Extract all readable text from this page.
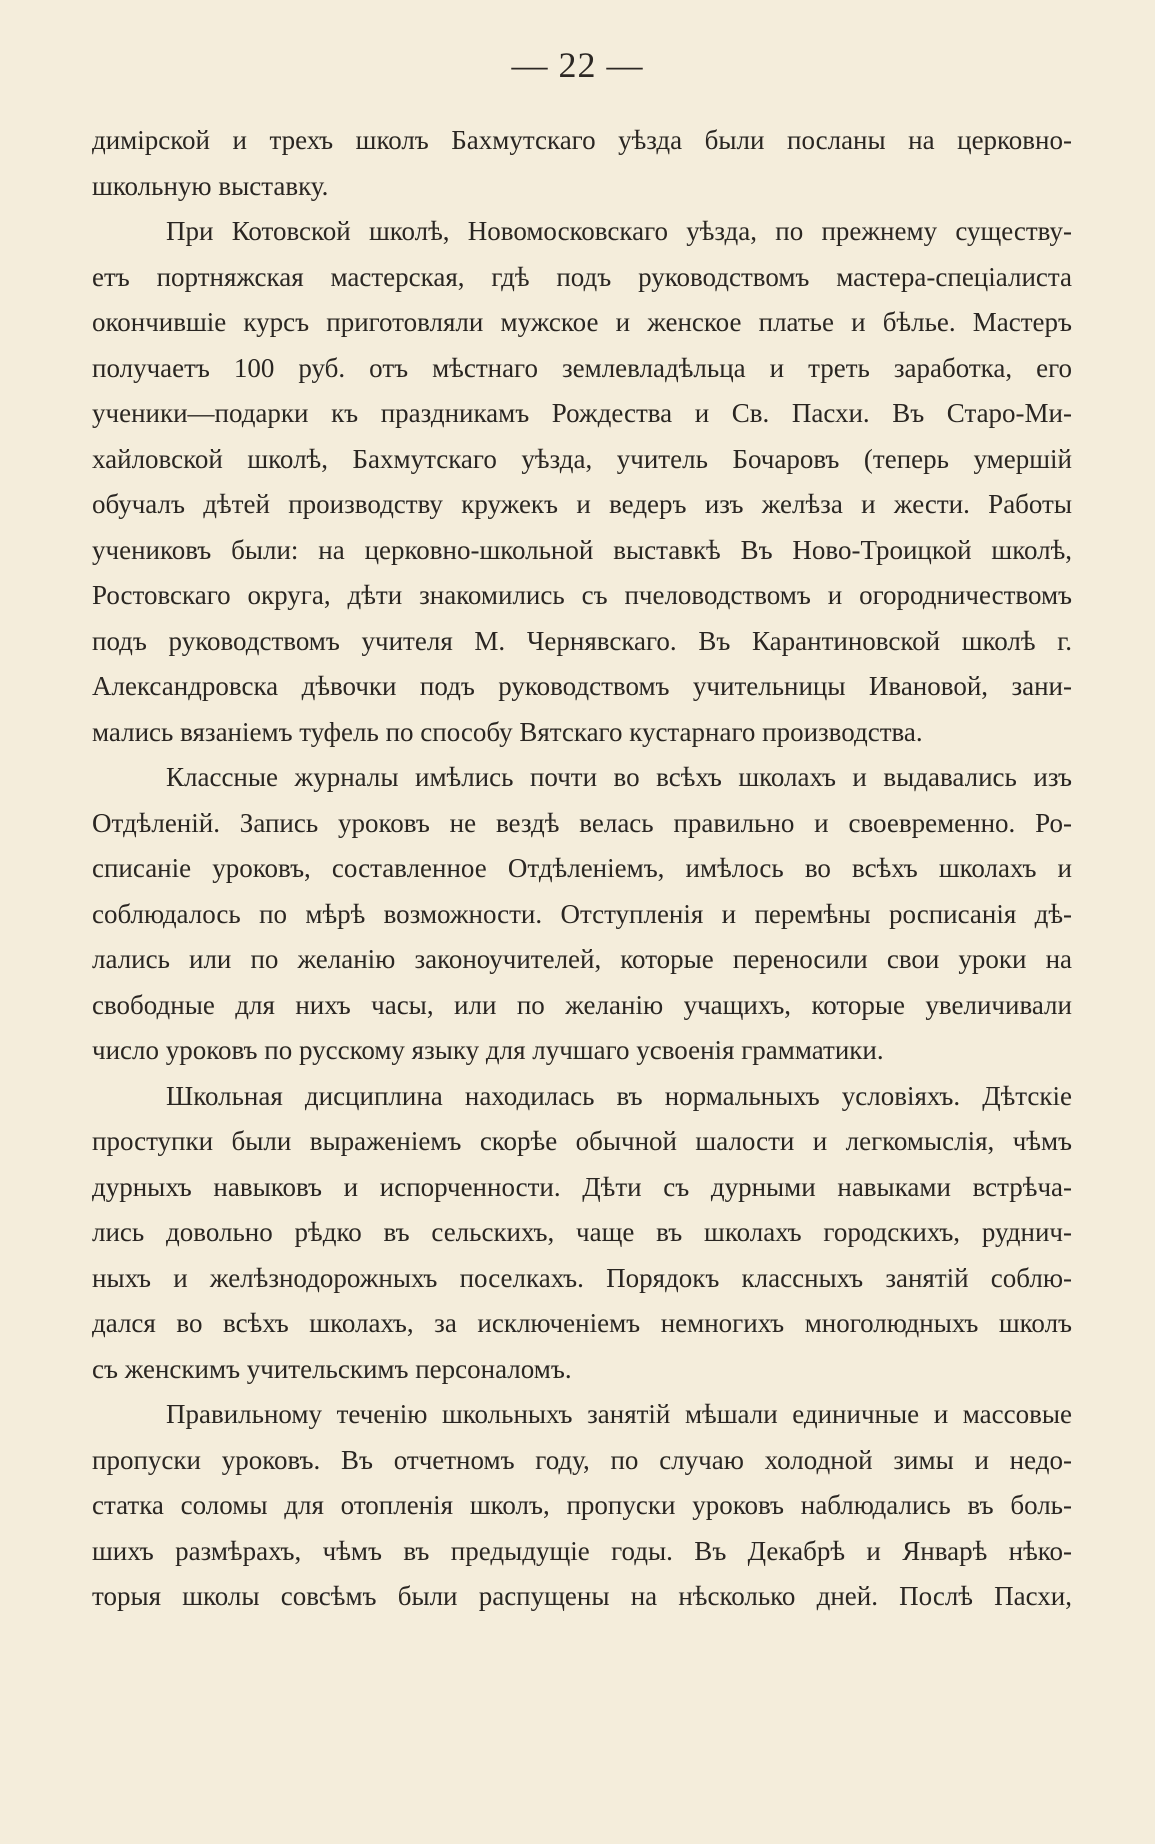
— 22 —
димірской и трехъ школъ Бахмутскаго уѣзда были посланы на церковно-
школьную выставку.
При Котовской школѣ, Новомосковскаго уѣзда, по прежнему существу-
етъ портняжская мастерская, гдѣ подъ руководствомъ мастера-спеціалиста
окончившіе курсъ приготовляли мужское и женское платье и бѣлье. Мастеръ
получаетъ 100 руб. отъ мѣстнаго землевладѣльца и треть заработка, его
ученики—подарки къ праздникамъ Рождества и Св. Пасхи. Въ Старо-Ми-
хайловской школѣ, Бахмутскаго уѣзда, учитель Бочаровъ (теперь умершій
обучалъ дѣтей производству кружекъ и ведеръ изъ желѣза и жести. Работы
учениковъ были: на церковно-школьной выставкѣ Въ Ново-Троицкой школѣ,
Ростовскаго округа, дѣти знакомились съ пчеловодствомъ и огородничествомъ
подъ руководствомъ учителя М. Чернявскаго. Въ Карантиновской школѣ г.
Александровска дѣвочки подъ руководствомъ учительницы Ивановой, зани-
мались вязаніемъ туфель по способу Вятскаго кустарнаго производства.
Классные журналы имѣлись почти во всѣхъ школахъ и выдавались изъ
Отдѣленій. Запись уроковъ не вездѣ велась правильно и своевременно. Ро-
списаніе уроковъ, составленное Отдѣленіемъ, имѣлось во всѣхъ школахъ и
соблюдалось по мѣрѣ возможности. Отступленія и перемѣны росписанія дѣ-
лались или по желанію законоучителей, которые переносили свои уроки на
свободные для нихъ часы, или по желанію учащихъ, которые увеличивали
число уроковъ по русскому языку для лучшаго усвоенія грамматики.
Школьная дисциплина находилась въ нормальныхъ условіяхъ. Дѣтскіе
проступки были выраженіемъ скорѣе обычной шалости и легкомыслія, чѣмъ
дурныхъ навыковъ и испорченности. Дѣти съ дурными навыками встрѣча-
лись довольно рѣдко въ сельскихъ, чаще въ школахъ городскихъ, руднич-
ныхъ и желѣзнодорожныхъ поселкахъ. Порядокъ классныхъ занятій соблю-
дался во всѣхъ школахъ, за исключеніемъ немногихъ многолюдныхъ школъ
съ женскимъ учительскимъ персоналомъ.
Правильному теченію школьныхъ занятій мѣшали единичные и массовые
пропуски уроковъ. Въ отчетномъ году, по случаю холодной зимы и недо-
статка соломы для отопленія школъ, пропуски уроковъ наблюдались въ боль-
шихъ размѣрахъ, чѣмъ въ предыдущіе годы. Въ Декабрѣ и Январѣ нѣко-
торыя школы совсѣмъ были распущены на нѣсколько дней. Послѣ Пасхи,
